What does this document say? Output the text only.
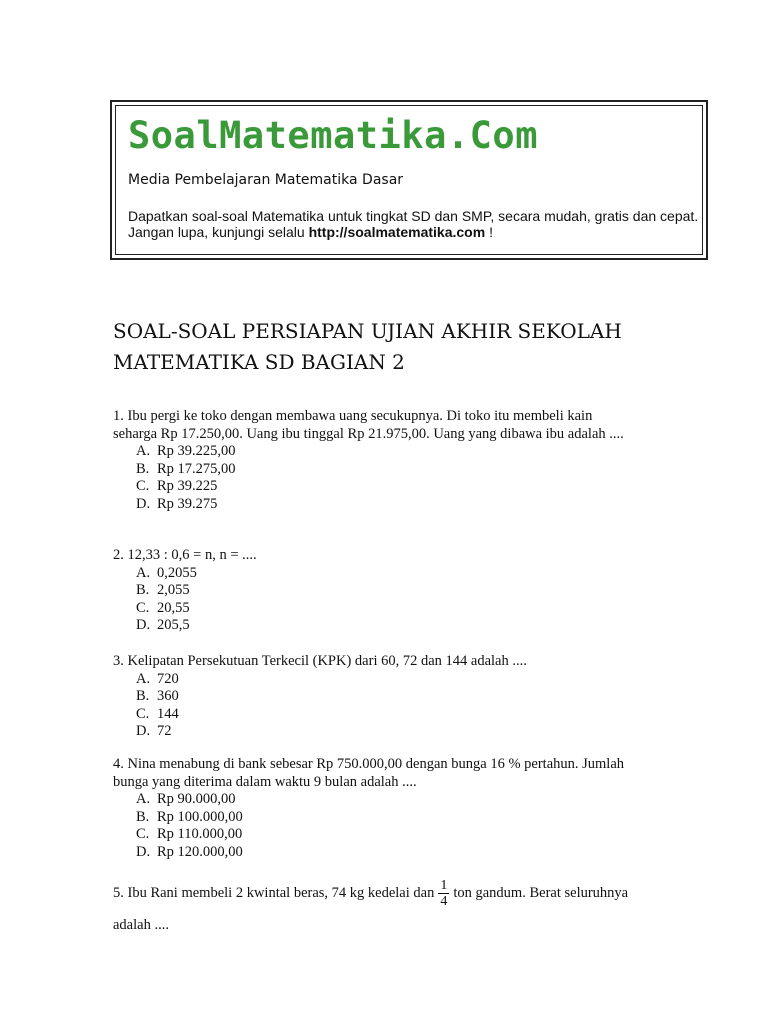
SoalMatematika.Com
Media Pembelajaran Matematika Dasar
Dapatkan soal-soal Matematika untuk tingkat SD dan SMP, secara mudah, gratis dan cepat.
Jangan lupa, kunjungi selalu http://soalmatematika.com !
SOAL-SOAL PERSIAPAN UJIAN AKHIR SEKOLAH
MATEMATIKA SD BAGIAN 2
1. Ibu pergi ke toko dengan membawa uang secukupnya. Di toko itu membeli kain
seharga Rp 17.250,00. Uang ibu tinggal Rp 21.975,00. Uang yang dibawa ibu adalah ....
A. Rp 39.225,00
B. Rp 17.275,00
C. Rp 39.225
D. Rp 39.275
2. 12,33 : 0,6 = n, n = ....
A. 0,2055
B. 2,055
C. 20,55
D. 205,5
3. Kelipatan Persekutuan Terkecil (KPK) dari 60, 72 dan 144 adalah ....
A. 720
B. 360
C. 144
D. 72
4. Nina menabung di bank sebesar Rp 750.000,00 dengan bunga 16 % pertahun. Jumlah
bunga yang diterima dalam waktu 9 bulan adalah ....
A. Rp 90.000,00
B. Rp 100.000,00
C. Rp 110.000,00
D. Rp 120.000,00
5. Ibu Rani membeli 2 kwintal beras, 74 kg kedelai dan $\frac{1}{4}$ ton gandum. Berat seluruhnya
adalah ....
